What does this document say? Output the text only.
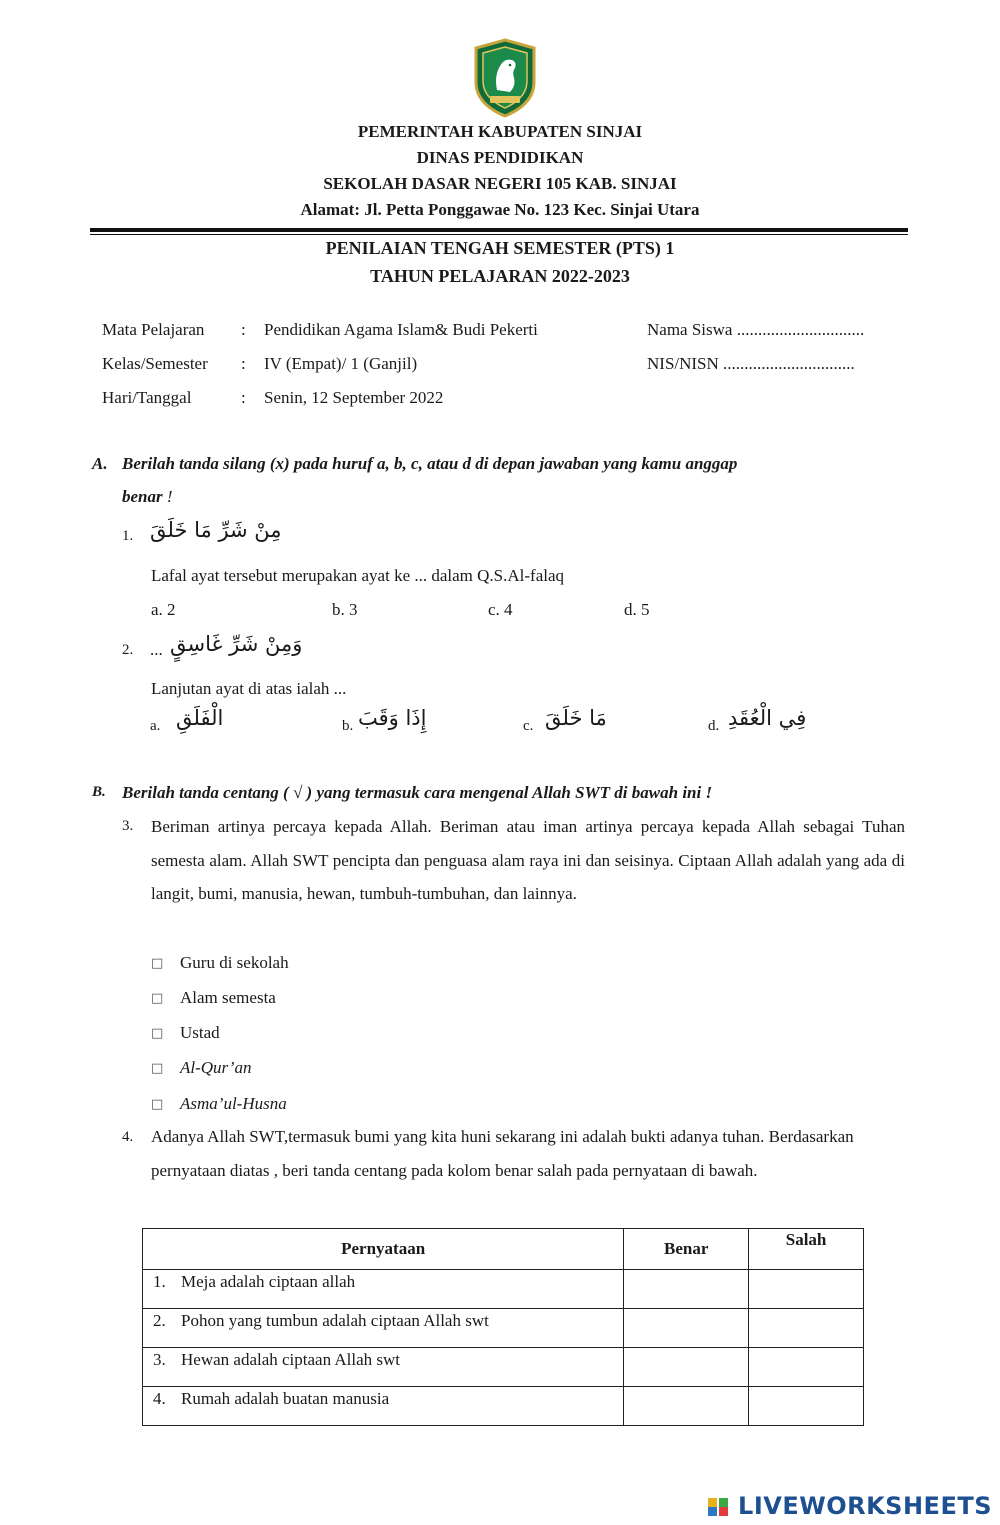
PEMERINTAH KABUPATEN SINJAI
DINAS PENDIDIKAN
SEKOLAH DASAR NEGERI 105 KAB. SINJAI
Alamat: Jl. Petta Ponggawae No. 123 Kec. Sinjai Utara
PENILAIAN TENGAH SEMESTER (PTS) 1
TAHUN PELAJARAN 2022-2023
Mata Pelajaran : Pendidikan Agama Islam& Budi Pekerti
Kelas/Semester : IV (Empat)/ 1 (Ganjil)
Hari/Tanggal	: Senin, 12 September 2022
Nama Siswa ..............................
NIS/NISN ...............................
A. Berilah tanda silang (x) pada huruf a, b, c, atau d di depan jawaban yang kamu anggap
benar !
1. مِنْ شَرِّ مَا خَلَقَ
Lafal ayat tersebut merupakan ayat ke ... dalam Q.S.Al-falaq
a. 2	b. 3	c. 4	d. 5
2. ... وَمِنْ شَرِّ غَاسِقٍ
Lanjutan ayat di atas ialah ...
a. الْفَلَقِ	b. إِذَا وَقَبَ	c. مَا خَلَقَ	d. فِي الْعُقَدِ
B. Berilah tanda centang ( √ ) yang termasuk cara mengenal Allah SWT di bawah ini !
3. Beriman artinya percaya kepada Allah. Beriman atau iman artinya percaya kepada Allah sebagai Tuhan semesta alam. Allah SWT pencipta dan penguasa alam raya ini dan seisinya. Ciptaan Allah adalah yang ada di langit, bumi, manusia, hewan, tumbuh-tumbuhan, dan lainnya.
□ Guru di sekolah
□ Alam semesta
□ Ustad
□ Al-Qur’an
□ Asma’ul-Husna
4. Adanya Allah SWT,termasuk bumi yang kita huni sekarang ini adalah bukti adanya tuhan. Berdasarkan pernyataan diatas , beri tanda centang pada kolom benar salah pada pernyataan di bawah.
Pernyataan	Benar	Salah

1. Meja adalah ciptaan allah		

2. Pohon yang tumbun adalah ciptaan Allah swt		

3. Hewan adalah ciptaan Allah swt		

4. Rumah adalah buatan manusia		

LIVEWORKSHEETS
